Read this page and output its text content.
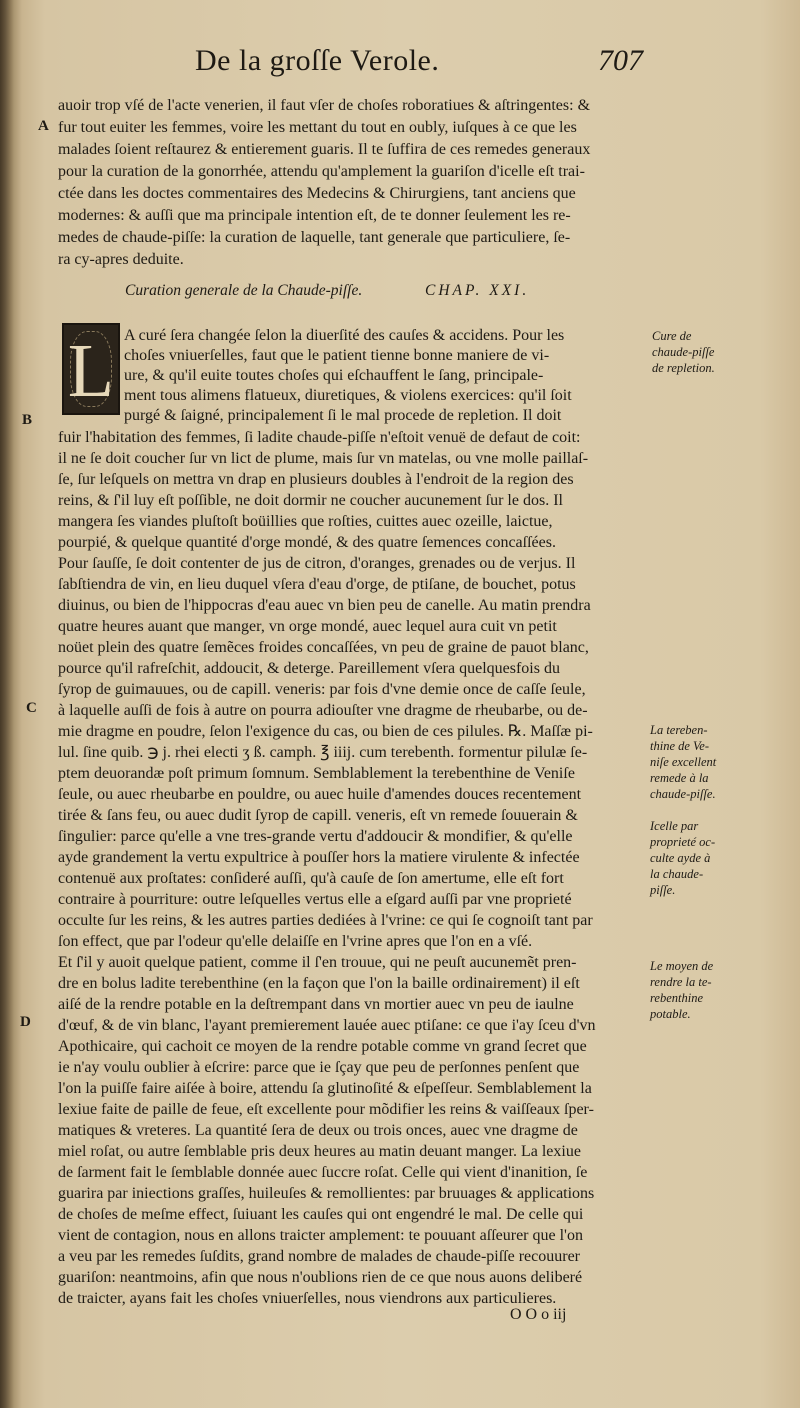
De la groſſe Verole.	707
auoir trop vſé de l'acte venerien, il faut vſer de choſes roboratiues & aſtringentes: &
fur tout euiter les femmes, voire les mettant du tout en oubly, iuſques à ce que les
malades ſoient reſtaurez & entierement guaris. Il te ſuffira de ces remedes generaux
pour la curation de la gonorrhée, attendu qu'amplement la guariſon d'icelle eſt trai-
ctée dans les doctes commentaires des Medecins & Chirurgiens, tant anciens que
modernes: & auſſi que ma principale intention eſt, de te donner ſeulement les re-
medes de chaude-piſſe: la curation de laquelle, tant generale que particuliere, ſe-
ra cy-apres deduite.
Curation generale de la Chaude-piſſe.	CHAP. XXI.
L
A
B
C
D
A curé ſera changée ſelon la diuerſité des cauſes & accidens. Pour les
choſes vniuerſelles, faut que le patient tienne bonne maniere de vi-
ure, & qu'il euite toutes choſes qui eſchauffent le ſang, principale-
ment tous alimens flatueux, diuretiques, & violens exercices: qu'il ſoit
purgé & ſaigné, principalement ſi le mal procede de repletion. Il doit
fuir l'habitation des femmes, ſi ladite chaude-piſſe n'eſtoit venuë de defaut de coit:
il ne ſe doit coucher ſur vn lict de plume, mais ſur vn matelas, ou vne molle paillaſ-
ſe, ſur leſquels on mettra vn drap en plusieurs doubles à l'endroit de la region des
reins, & ſ'il luy eſt poſſible, ne doit dormir ne coucher aucunement ſur le dos. Il
mangera ſes viandes pluſtoſt boüillies que roſties, cuittes auec ozeille, laictue,
pourpié, & quelque quantité d'orge mondé, & des quatre ſemences concaſſées.
Pour ſauſſe, ſe doit contenter de jus de citron, d'oranges, grenades ou de verjus. Il
ſabſtiendra de vin, en lieu duquel vſera d'eau d'orge, de ptiſane, de bouchet, potus
diuinus, ou bien de l'hippocras d'eau auec vn bien peu de canelle. Au matin prendra
quatre heures auant que manger, vn orge mondé, auec lequel aura cuit vn petit
noüet plein des quatre ſemẽces froides concaſſées, vn peu de graine de pauot blanc,
pource qu'il rafreſchit, addoucit, & deterge. Pareillement vſera quelquesfois du
ſyrop de guimauues, ou de capill. veneris: par fois d'vne demie once de caſſe ſeule,
à laquelle auſſi de fois à autre on pourra adiouſter vne dragme de rheubarbe, ou de-
mie dragme en poudre, ſelon l'exigence du cas, ou bien de ces pilules. ℞. Maſſæ pi-
lul. ſine quib. ℈ j. rhei electi ʒ ß. camph. ℥ iiij. cum terebenth. formentur pilulæ ſe-
ptem deuorandæ poſt primum ſomnum. Semblablement la terebenthine de Veniſe
ſeule, ou auec rheubarbe en pouldre, ou auec huile d'amendes douces recentement
tirée & ſans feu, ou auec dudit ſyrop de capill. veneris, eſt vn remede ſouuerain &
ſingulier: parce qu'elle a vne tres-grande vertu d'addoucir & mondifier, & qu'elle
ayde grandement la vertu expultrice à pouſſer hors la matiere virulente & infectée
contenuë aux proſtates: conſideré auſſi, qu'à cauſe de ſon amertume, elle eſt fort
contraire à pourriture: outre leſquelles vertus elle a eſgard auſſi par vne proprieté
occulte ſur les reins, & les autres parties dediées à l'vrine: ce qui ſe cognoiſt tant par
ſon effect, que par l'odeur qu'elle delaiſſe en l'vrine apres que l'on en a vſé.
Et ſ'il y auoit quelque patient, comme il ſ'en trouue, qui ne peuſt aucunemẽt pren-
dre en bolus ladite terebenthine (en la façon que l'on la baille ordinairement) il eſt
aiſé de la rendre potable en la deſtrempant dans vn mortier auec vn peu de iaulne
d'œuf, & de vin blanc, l'ayant premierement lauée auec ptiſane: ce que i'ay ſceu d'vn
Apothicaire, qui cachoit ce moyen de la rendre potable comme vn grand ſecret que
ie n'ay voulu oublier à eſcrire: parce que ie ſçay que peu de perſonnes penſent que
l'on la puiſſe faire aiſée à boire, attendu ſa glutinoſité & eſpeſſeur. Semblablement la
lexiue faite de paille de feue, eſt excellente pour mõdifier les reins & vaiſſeaux ſper-
matiques & vreteres. La quantité ſera de deux ou trois onces, auec vne dragme de
miel roſat, ou autre ſemblable pris deux heures au matin deuant manger. La lexiue
de ſarment fait le ſemblable donnée auec ſuccre roſat. Celle qui vient d'inanition, ſe
guarira par iniections graſſes, huileuſes & remollientes: par bruuages & applications
de choſes de meſme effect, ſuiuant les cauſes qui ont engendré le mal. De celle qui
vient de contagion, nous en allons traicter amplement: te pouuant aſſeurer que l'on
a veu par les remedes ſuſdits, grand nombre de malades de chaude-piſſe recouurer
guariſon: neantmoins, afin que nous n'oublions rien de ce que nous auons deliberé
de traicter, ayans fait les choſes vniuerſelles, nous viendrons aux particulieres.
Cure de
chaude-piſſe
de repletion.
La tereben-
thine de Ve-
niſe excellent
remede à la
chaude-piſſe.
Icelle par
proprieté oc-
culte ayde à
la chaude-
piſſe.
Le moyen de
rendre la te-
rebenthine
potable.
O O o iij
